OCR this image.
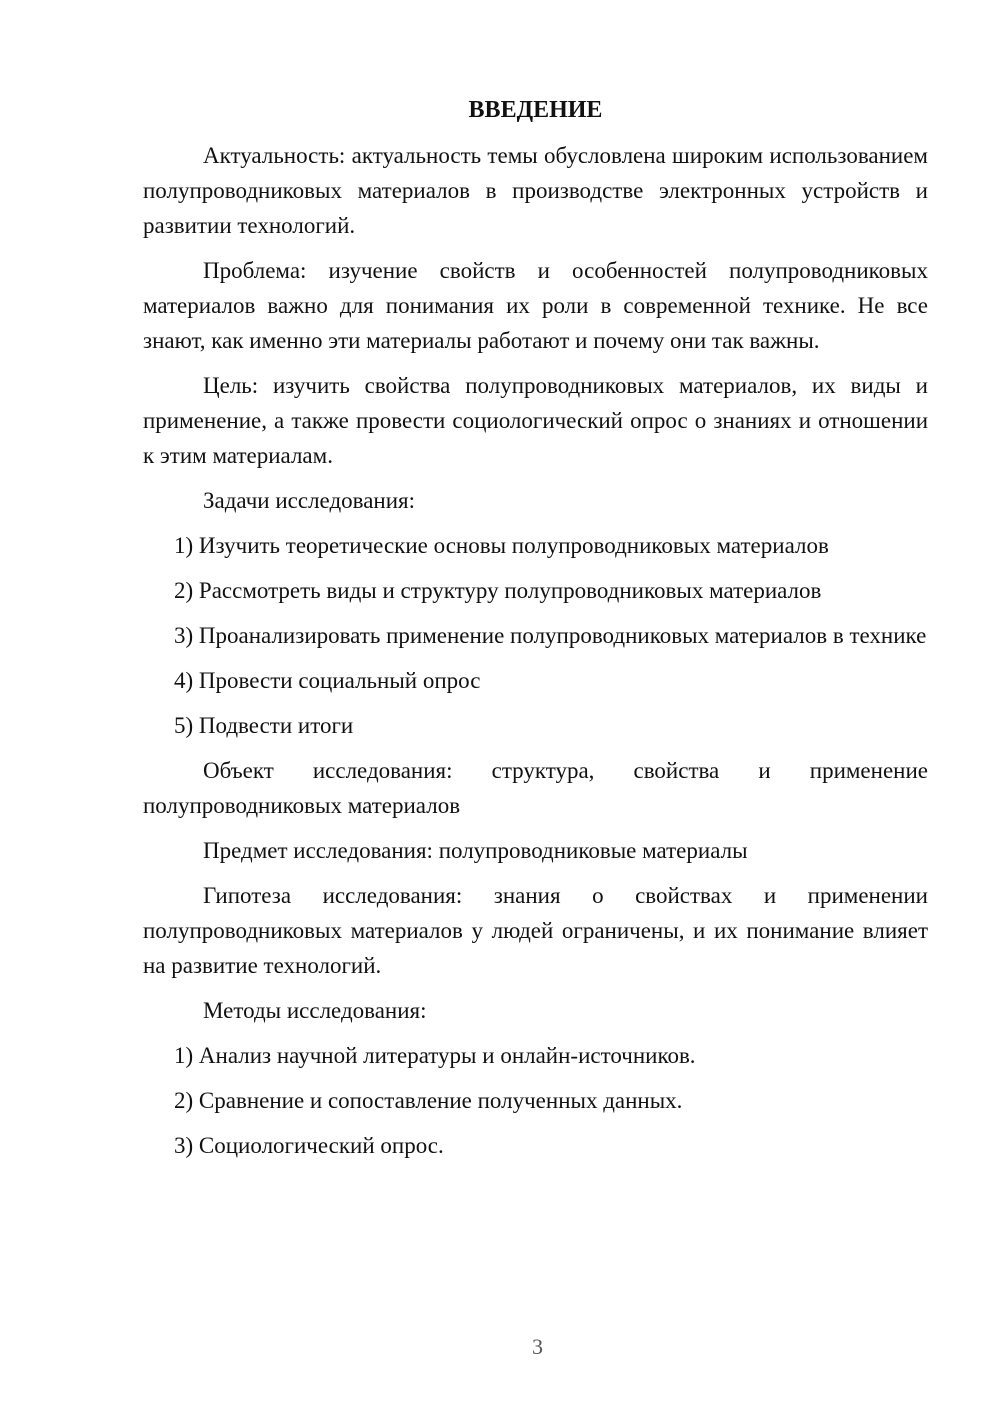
ВВЕДЕНИЕ

Актуальность: актуальность темы обусловлена широким использованием полупроводниковых материалов в производстве электронных устройств и развитии технологий.

Проблема: изучение свойств и особенностей полупроводниковых материалов важно для понимания их роли в современной технике. Не все знают, как именно эти материалы работают и почему они так важны.

Цель: изучить свойства полупроводниковых материалов, их виды и применение, а также провести социологический опрос о знаниях и отношении к этим материалам.

Задачи исследования:

1) Изучить теоретические основы полупроводниковых материалов

2) Рассмотреть виды и структуру полупроводниковых материалов

3) Проанализировать применение полупроводниковых материалов в технике

4) Провести социальный опрос

5) Подвести итоги

Объект исследования: структура, свойства и применение полупроводниковых материалов

Предмет исследования: полупроводниковые материалы

Гипотеза исследования: знания о свойствах и применении полупроводниковых материалов у людей ограничены, и их понимание влияет на развитие технологий.

Методы исследования:

1) Анализ научной литературы и онлайн-источников.

2) Сравнение и сопоставление полученных данных.

3) Социологический опрос.

3
